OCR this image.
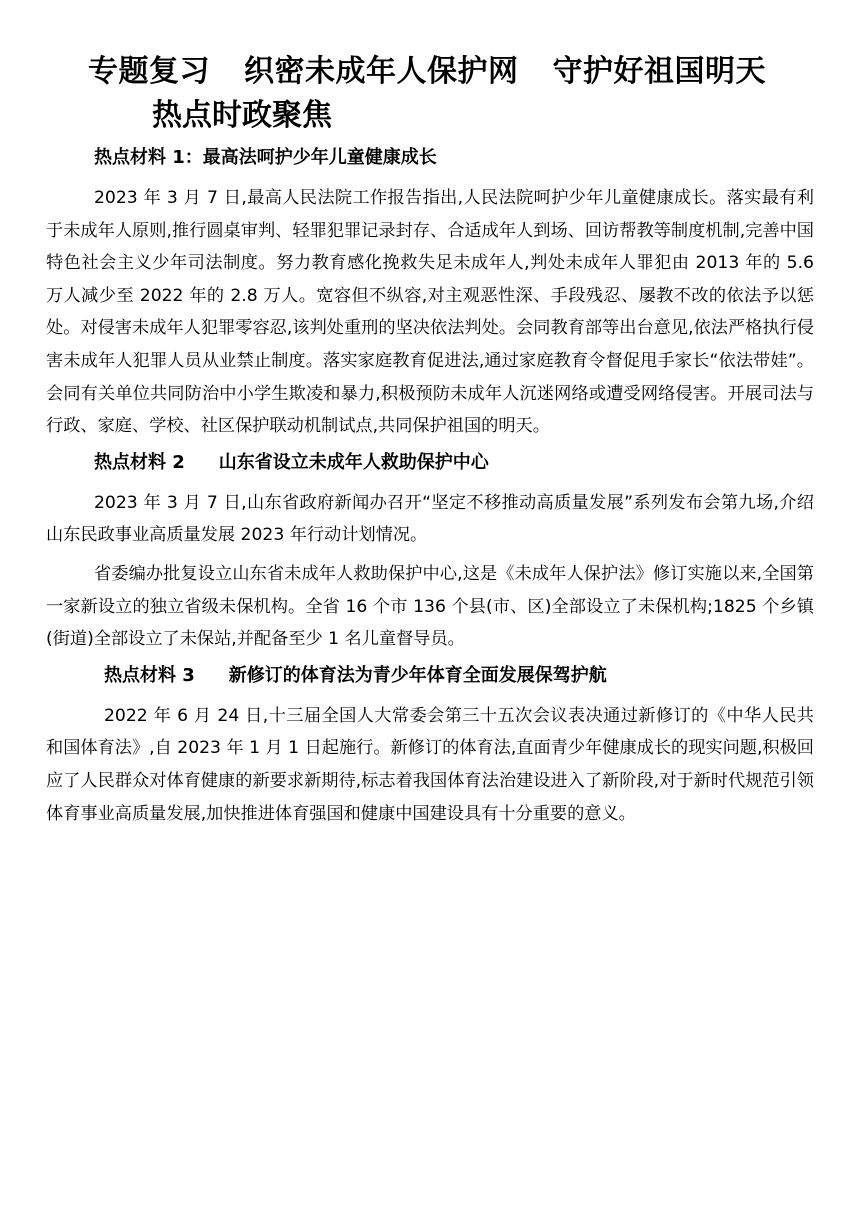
专题复习 织密未成年人保护网 守护好祖国明天
热点时政聚焦
热点材料 1：最高法呵护少年儿童健康成长

2023 年 3 月 7 日,最高人民法院工作报告指出,人民法院呵护少年儿童健康成长。落实最有利于未成年人原则,推行圆桌审判、轻罪犯罪记录封存、合适成年人到场、回访帮教等制度机制,完善中国特色社会主义少年司法制度。努力教育感化挽救失足未成年人,判处未成年人罪犯由 2013 年的 5.6 万人减少至 2022 年的 2.8 万人。宽容但不纵容,对主观恶性深、手段残忍、屡教不改的依法予以惩处。对侵害未成年人犯罪零容忍,该判处重刑的坚决依法判处。会同教育部等出台意见,依法严格执行侵害未成年人犯罪人员从业禁止制度。落实家庭教育促进法,通过家庭教育令督促甩手家长“依法带娃”。会同有关单位共同防治中小学生欺凌和暴力,积极预防未成年人沉迷网络或遭受网络侵害。开展司法与行政、家庭、学校、社区保护联动机制试点,共同保护祖国的明天。

热点材料 2 山东省设立未成年人救助保护中心

2023 年 3 月 7 日,山东省政府新闻办召开“坚定不移推动高质量发展”系列发布会第九场,介绍山东民政事业高质量发展 2023 年行动计划情况。

省委编办批复设立山东省未成年人救助保护中心,这是《未成年人保护法》修订实施以来,全国第一家新设立的独立省级未保机构。全省 16 个市 136 个县(市、区)全部设立了未保机构;1825 个乡镇(街道)全部设立了未保站,并配备至少 1 名儿童督导员。

热点材料 3 新修订的体育法为青少年体育全面发展保驾护航

2022 年 6 月 24 日,十三届全国人大常委会第三十五次会议表决通过新修订的《中华人民共和国体育法》,自 2023 年 1 月 1 日起施行。新修订的体育法,直面青少年健康成长的现实问题,积极回应了人民群众对体育健康的新要求新期待,标志着我国体育法治建设进入了新阶段,对于新时代规范引领体育事业高质量发展,加快推进体育强国和健康中国建设具有十分重要的意义。
